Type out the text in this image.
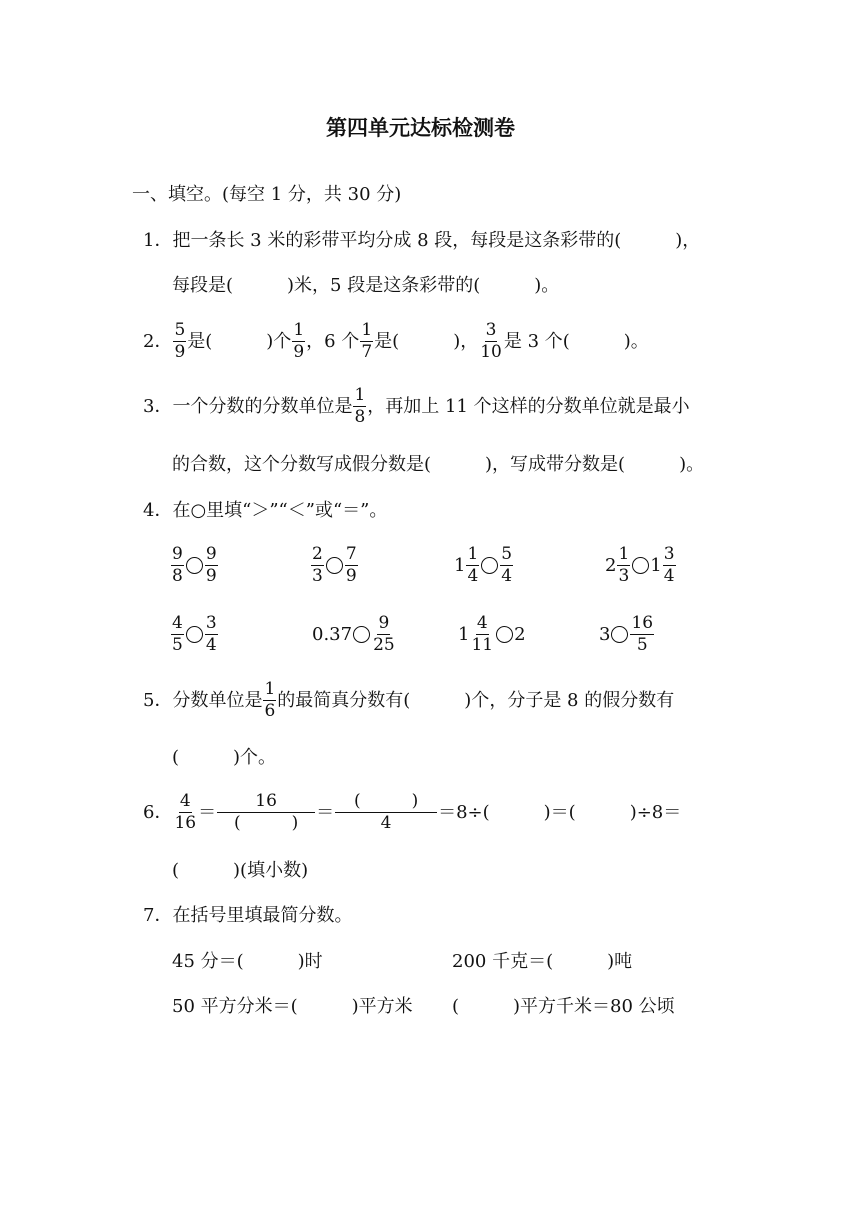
第四单元达标检测卷
一、填空。(每空 1 分，共 30 分)
1．把一条长 3 米的彩带平均分成 8 段，每段是这条彩带的(　　　)，
每段是(　　　)米，5 段是这条彩带的(　　　)。
2．
5
9
是(　　　)个
1
9
，6 个
1
7
是(　　　)，
3
10
是 3 个(　　　)。
3． 一个分数的分数单位是
1
8
，再加上 11 个这样的分数单位就是最小
的合数，这个分数写成假分数是(　　　)，写成带分数是(　　　)。
4．在○里填“＞”“＜”或“＝”。
9
8
9
9
2
3
7
9
1
1
4
5
4
2
1
3
1
3
4
4
5
3
4
0.37
9
25
1
4
11
2	3
16
5
5． 分数单位是
1
6
的最简真分数有(　　　)个，分子是 8 的假分数有
(　　　)个。
6．
4
16
＝
16
(　　　)
＝
(　　　)
4
＝8÷(　　　)＝(　　　)÷8＝
(　　　)(填小数)
7．在括号里填最简分数。
45 分＝(　　　)时	200 千克＝(　　　)吨
50 平方分米＝(　　　)平方米 (　　　)平方千米＝80 公顷
